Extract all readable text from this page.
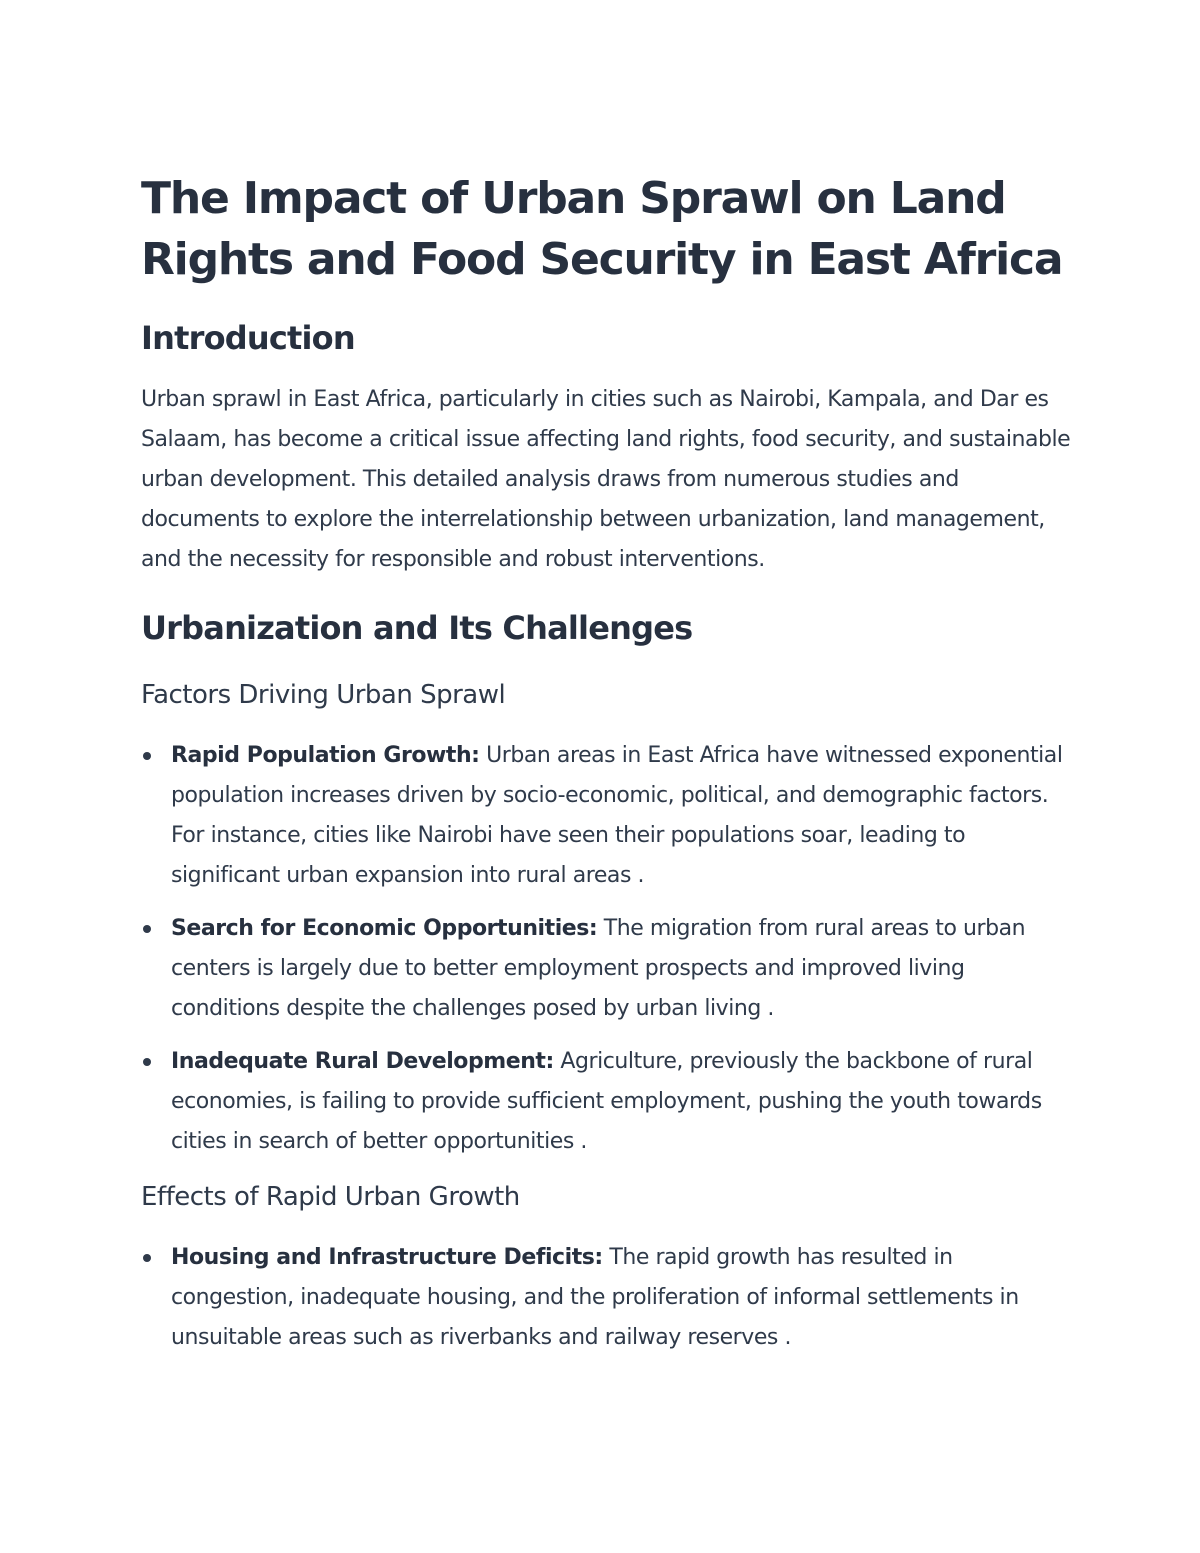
The Impact of Urban Sprawl on Land Rights and Food Security in East Africa
Introduction

Urban sprawl in East Africa, particularly in cities such as Nairobi, Kampala, and Dar es Salaam, has become a critical issue affecting land rights, food security, and sustainable urban development. This detailed analysis draws from numerous studies and documents to explore the interrelationship between urbanization, land management, and the necessity for responsible and robust interventions.

Urbanization and Its Challenges
Factors Driving Urban Sprawl
Rapid Population Growth: Urban areas in East Africa have witnessed exponential population increases driven by socio-economic, political, and demographic factors. For instance, cities like Nairobi have seen their populations soar, leading to significant urban expansion into rural areas .
Search for Economic Opportunities: The migration from rural areas to urban centers is largely due to better employment prospects and improved living conditions despite the challenges posed by urban living .
Inadequate Rural Development: Agriculture, previously the backbone of rural economies, is failing to provide sufficient employment, pushing the youth towards cities in search of better opportunities .
Effects of Rapid Urban Growth
Housing and Infrastructure Deficits: The rapid growth has resulted in congestion, inadequate housing, and the proliferation of informal settlements in unsuitable areas such as riverbanks and railway reserves .
